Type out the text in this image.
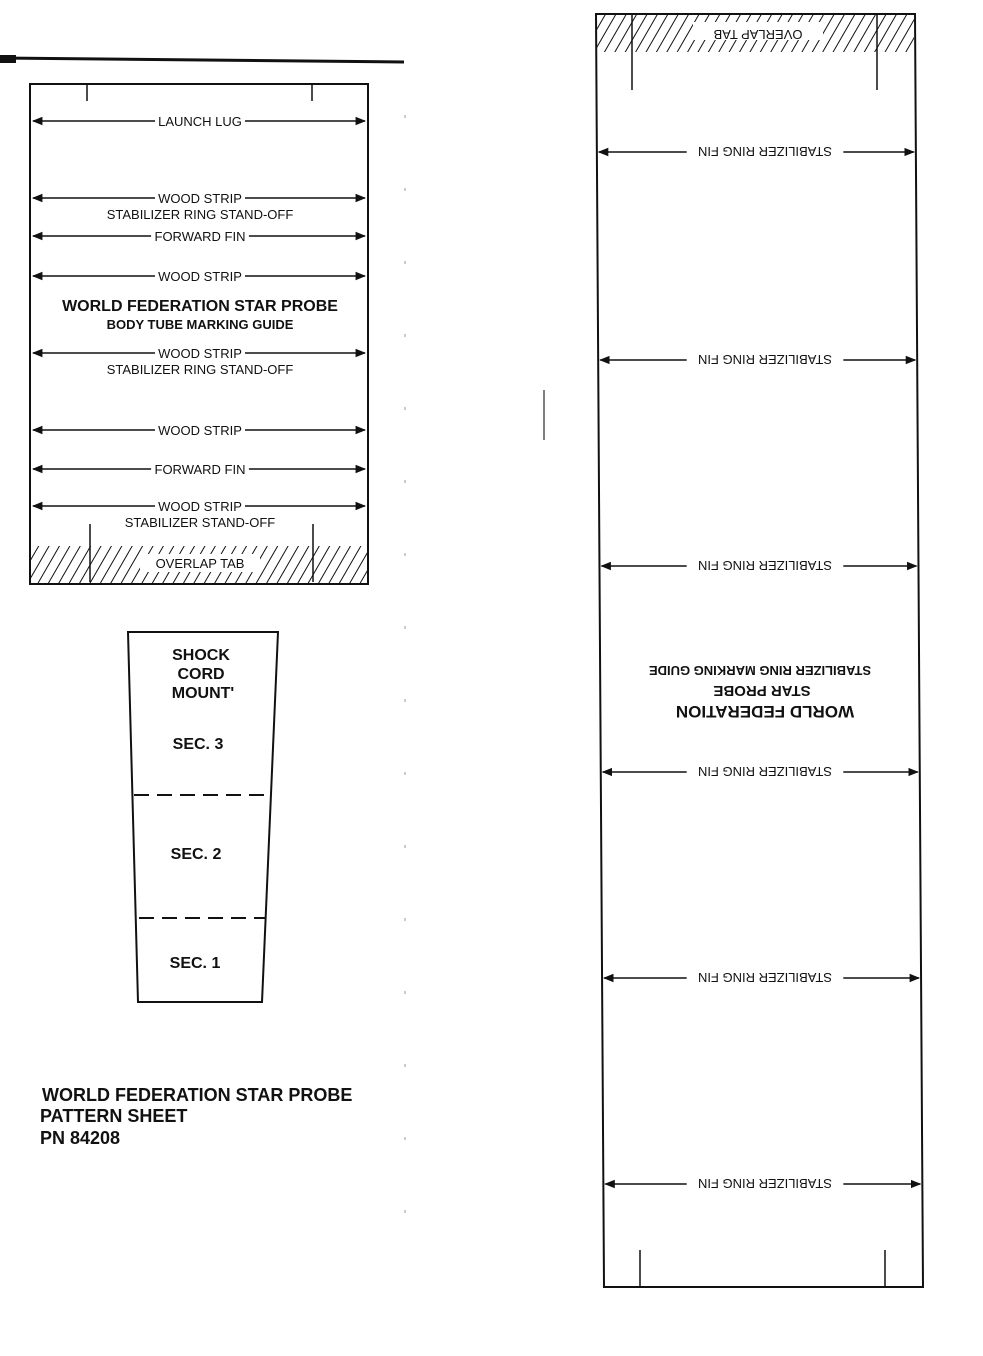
LAUNCH LUG
WOOD STRIP
STABILIZER RING STAND-OFF
FORWARD FIN
WOOD STRIP
WOOD STRIP
STABILIZER RING STAND-OFF
WOOD STRIP
FORWARD FIN
WOOD STRIP
STABILIZER STAND-OFF
WORLD FEDERATION STAR PROBE
BODY TUBE MARKING GUIDE
OVERLAP TAB
SHOCK
CORD
MOUNT'
SEC. 3
SEC. 2
SEC. 1
WORLD FEDERATION STAR PROBE
PATTERN SHEET
PN 84208
OVERLAP TAB
STABILIZER RING FIN
STABILIZER RING FIN
STABILIZER RING FIN
STABILIZER RING FIN
STABILIZER RING FIN
STABILIZER RING FIN
WORLD FEDERATION
STAR PROBE
STABILIZER RING MARKING GUIDE
